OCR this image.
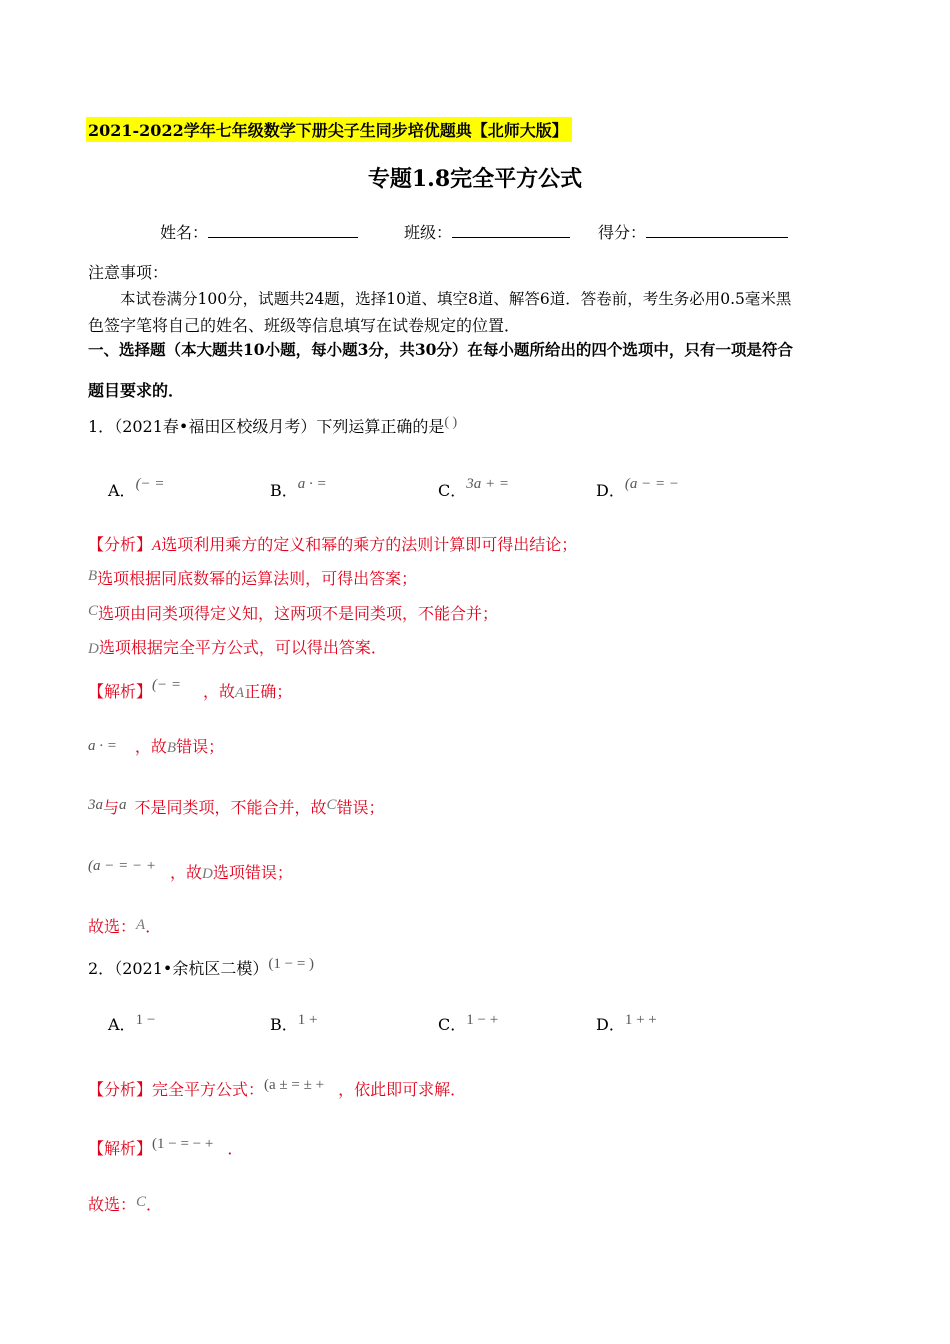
2021-2022学年七年级数学下册尖子生同步培优题典【北师大版】
专题1.8完全平方公式
姓名：	班级：	得分：
注意事项：
本试卷满分100分，试题共24题，选择10道、填空8道、解答6道．答卷前，考生务必用0.5毫米黑
色签字笔将自己的姓名、班级等信息填写在试卷规定的位置．
一、选择题（本大题共10小题，每小题3分，共30分）在每小题所给出的四个选项中，只有一项是符合
题目要求的．
1．（2021春•福田区校级月考）下列运算正确的是( )
A．(− =	B．a · =	C．3a + =	D．(a − = −
【分析】A选项利用乘方的定义和幂的乘方的法则计算即可得出结论；
B选项根据同底数幂的运算法则，可得出答案；
C选项由同类项得定义知，这两项不是同类项，不能合并；
D选项根据完全平方公式，可以得出答案．
【解析】(− = ，故A正确；
a · = ，故B错误；
3a与a 不是同类项，不能合并，故C错误；
(a − = − + ，故D选项错误；
故选：A．
2．（2021•余杭区二模）(1 − = )
A．1 −	B．1 +	C．1 − +	D．1 + +
【分析】完全平方公式：(a ± = ± + ，依此即可求解．
【解析】(1 − = − + ．
故选：C．
